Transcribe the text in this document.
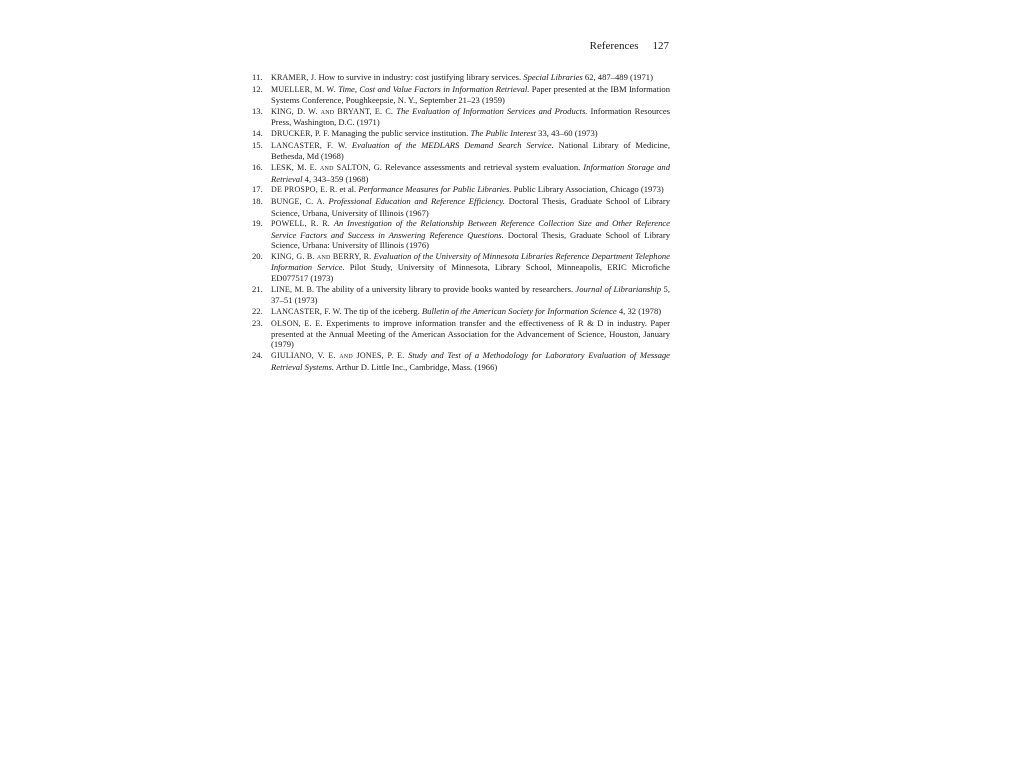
References 127
11.	KRAMER, J. How to survive in industry: cost justifying library services. Special Libraries 62, 487–489 (1971)
12.	MUELLER, M. W. Time, Cost and Value Factors in Information Retrieval. Paper presented at the IBM Information Systems Conference, Poughkeepsie, N. Y., September 21–23 (1959)
13.	KING, D. W. and BRYANT, E. C. The Evaluation of Information Services and Products. Information Resources Press, Washington, D.C. (1971)
14.	DRUCKER, P. F. Managing the public service institution. The Public Interest 33, 43–60 (1973)
15.	LANCASTER, F. W. Evaluation of the MEDLARS Demand Search Service. National Library of Medicine, Bethesda, Md (1968)
16.	LESK, M. E. and SALTON, G. Relevance assessments and retrieval system evaluation. Information Storage and Retrieval 4, 343–359 (1968)
17.	DE PROSPO, E. R. et al. Performance Measures for Public Libraries. Public Library Association, Chicago (1973)
18.	BUNGE, C. A. Professional Education and Reference Efficiency. Doctoral Thesis, Graduate School of Library Science, Urbana, University of Illinois (1967)
19.	POWELL, R. R. An Investigation of the Relationship Between Reference Collection Size and Other Reference Service Factors and Success in Answering Reference Questions. Doctoral Thesis, Graduate School of Library Science, Urbana: University of Illinois (1976)
20.	KING, G. B. and BERRY, R. Evaluation of the University of Minnesota Libraries Reference Department Telephone Information Service. Pilot Study, University of Minnesota, Library School, Minneapolis, ERIC Microfiche ED077517 (1973)
21.	LINE, M. B. The ability of a university library to provide books wanted by researchers. Journal of Librarianship 5, 37–51 (1973)
22.	LANCASTER, F. W. The tip of the iceberg. Bulletin of the American Society for Information Science 4, 32 (1978)
23.	OLSON, E. E. Experiments to improve information transfer and the effectiveness of R & D in industry. Paper presented at the Annual Meeting of the American Association for the Advancement of Science, Houston, January (1979)
24.	GIULIANO, V. E. and JONES, P. E. Study and Test of a Methodology for Laboratory Evaluation of Message Retrieval Systems. Arthur D. Little Inc., Cambridge, Mass. (1966)
